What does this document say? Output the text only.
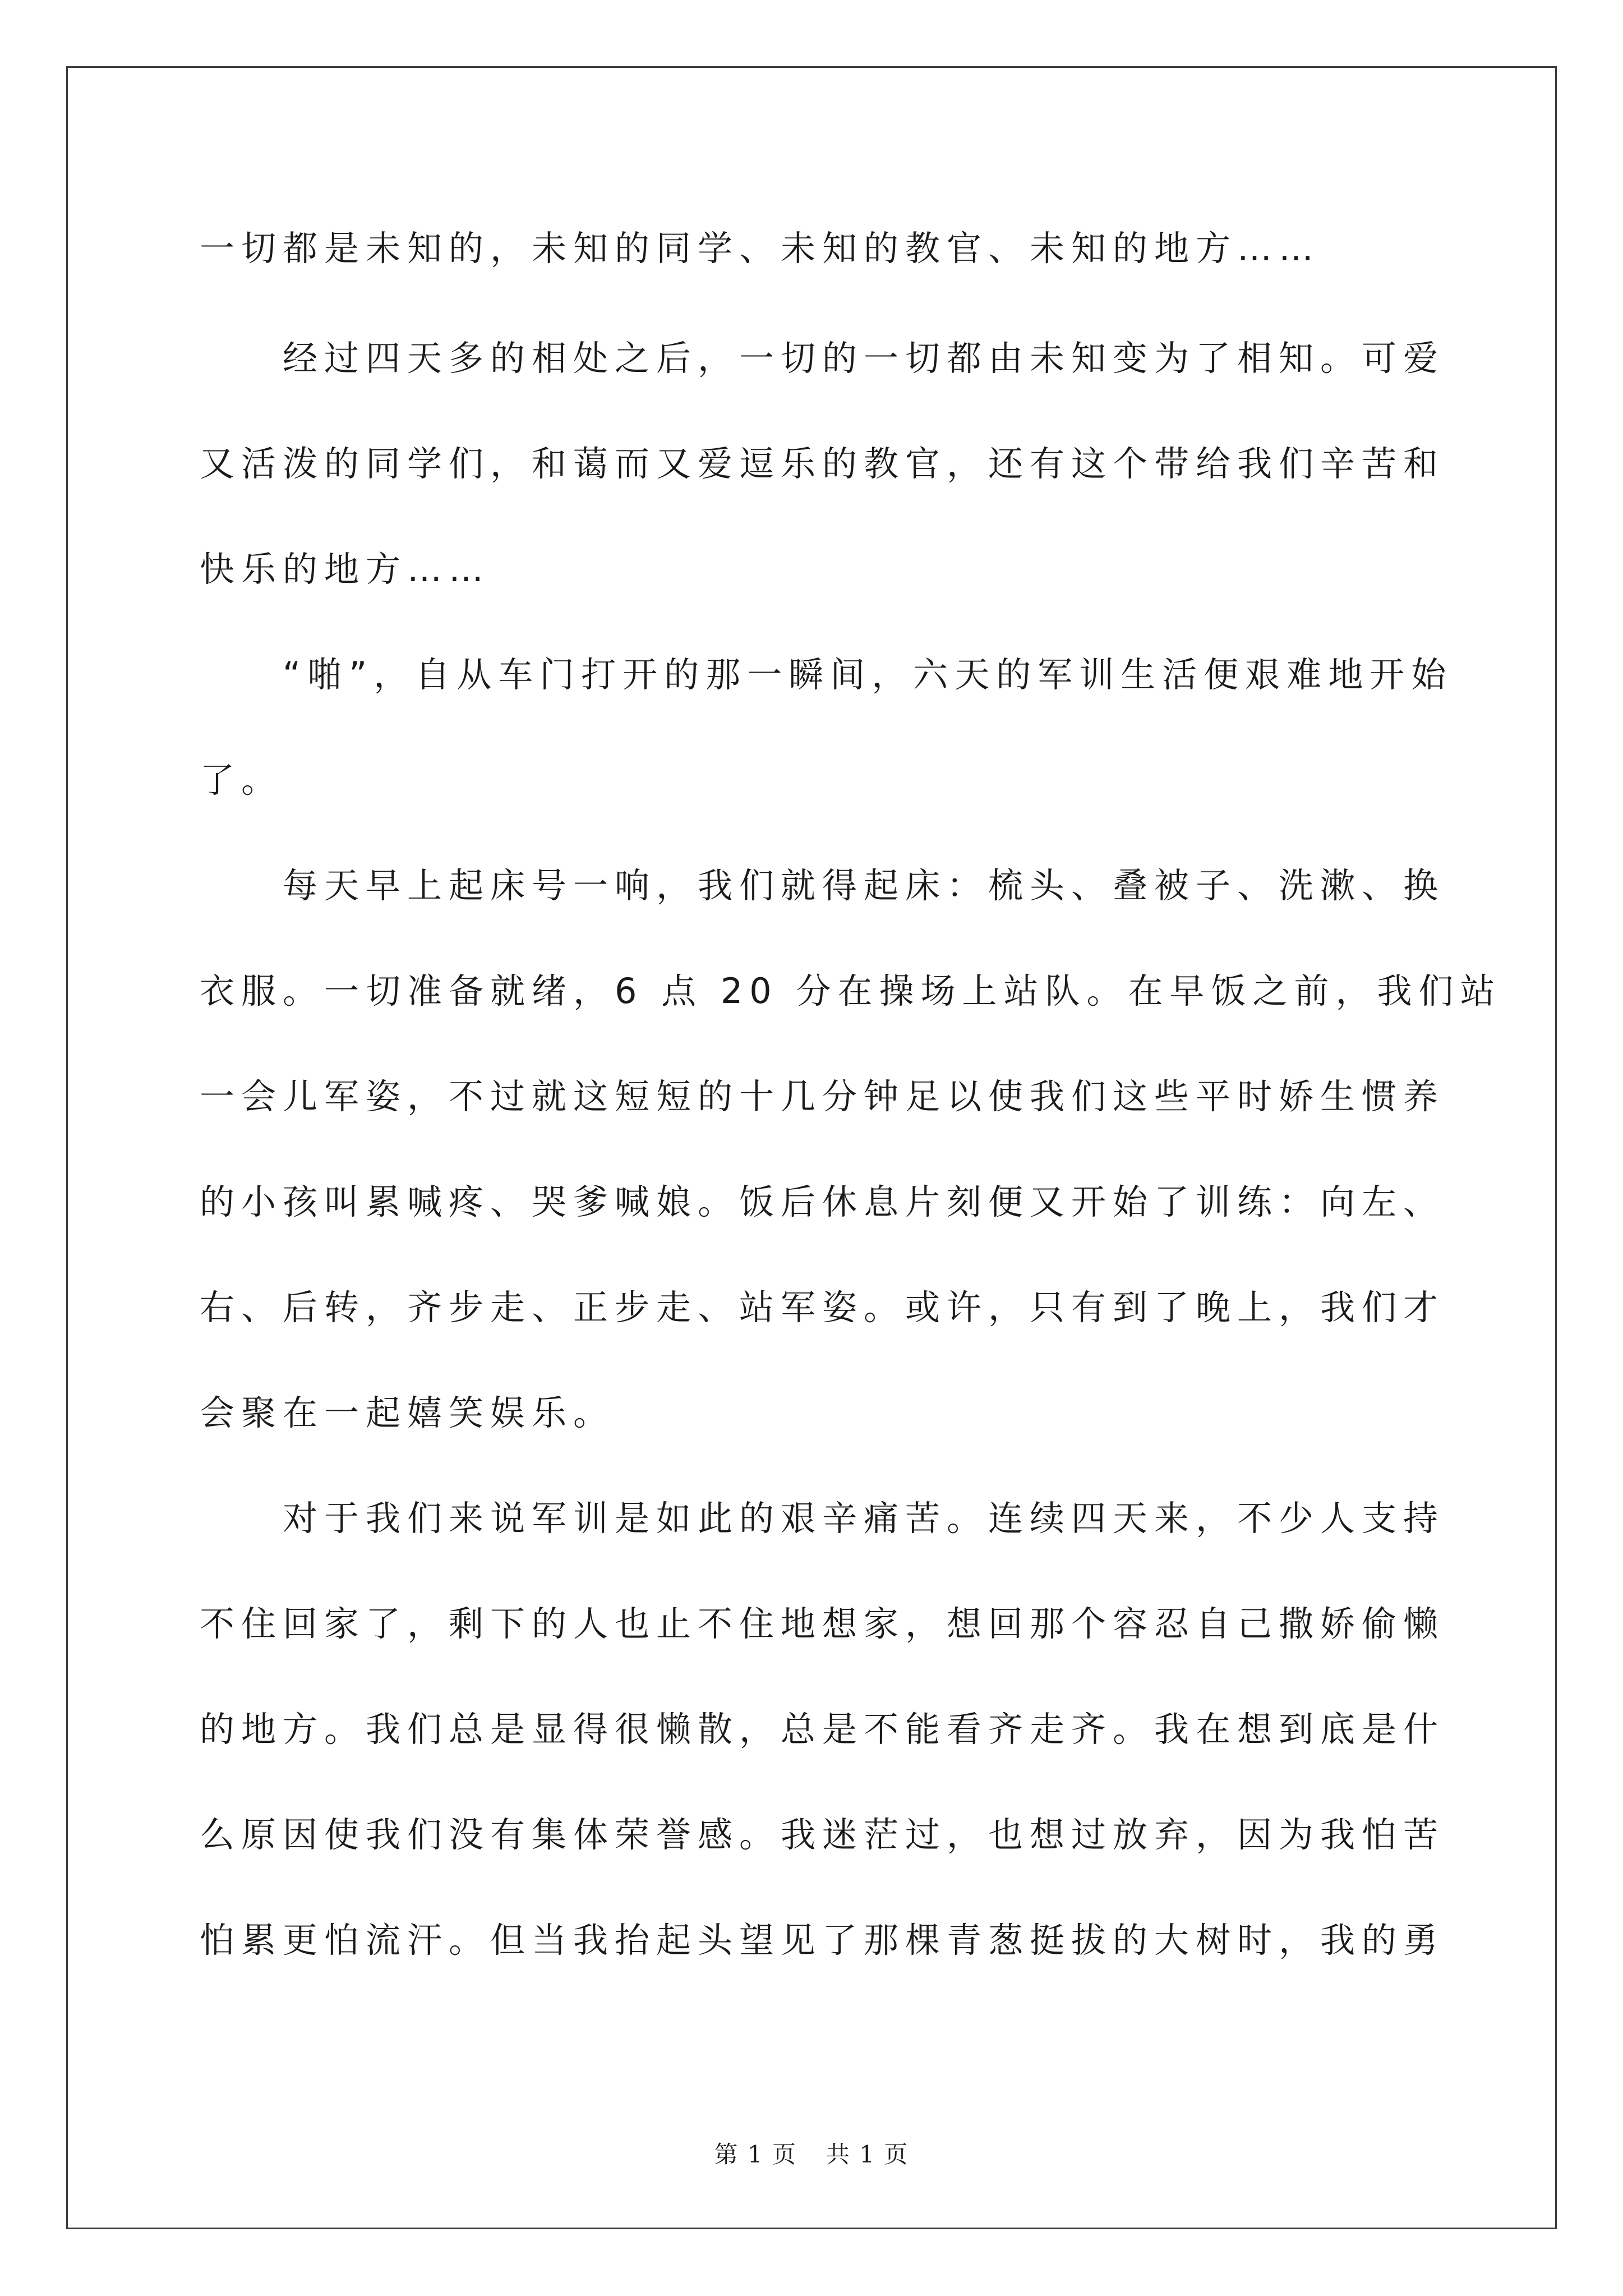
一切都是未知的，未知的同学、未知的教官、未知的地方……
经过四天多的相处之后，一切的一切都由未知变为了相知。可爱
又活泼的同学们，和蔼而又爱逗乐的教官，还有这个带给我们辛苦和
快乐的地方……
“啪”，自从车门打开的那一瞬间，六天的军训生活便艰难地开始
了。
每天早上起床号一响，我们就得起床：梳头、叠被子、洗漱、换
衣服。一切准备就绪，6 点 20 分在操场上站队。在早饭之前，我们站
一会儿军姿，不过就这短短的十几分钟足以使我们这些平时娇生惯养
的小孩叫累喊疼、哭爹喊娘。饭后休息片刻便又开始了训练：向左、
右、后转，齐步走、正步走、站军姿。或许，只有到了晚上，我们才
会聚在一起嬉笑娱乐。
对于我们来说军训是如此的艰辛痛苦。连续四天来，不少人支持
不住回家了，剩下的人也止不住地想家，想回那个容忍自己撒娇偷懒
的地方。我们总是显得很懒散，总是不能看齐走齐。我在想到底是什
么原因使我们没有集体荣誉感。我迷茫过，也想过放弃，因为我怕苦
怕累更怕流汗。但当我抬起头望见了那棵青葱挺拔的大树时，我的勇
第 1 页 共 1 页
